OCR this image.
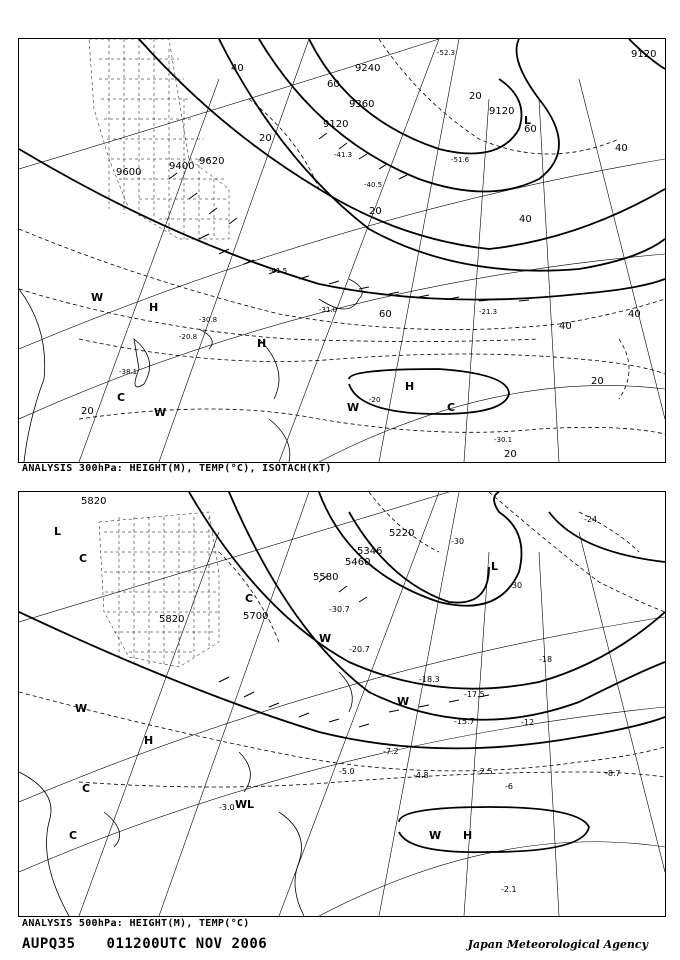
9120
9240
9360
9600
9120
9400 9620
9120
40
20
20
20
40
60
60
60
40
40
40
20
20
20
-52.3
-41.3
-20.8
-41.5
-51.6
-30.8
-21.3
-31.0
-40.5
-38.1
-30.1
-20
H
H
H
W
W	W
C
C
L
ANALYSIS 300hPa: HEIGHT(M), TEMP(°C), ISOTACH(KT)
5820
5220
5346
5460
5580
5820	5700
-24
-30
-30
-18
-12
-6
-30.7
-20.7
-17.5
-18.3
-15.7
-2.5
-7.2
-4.8
-5.0
-3.0
-8.7
-2.1
H
H
W
W
L
L
L
C
C
C
C
W
W
W
ANALYSIS 500hPa: HEIGHT(M), TEMP(°C)
AUPQ35 011200UTC NOV 2006	Japan Meteorological Agency
